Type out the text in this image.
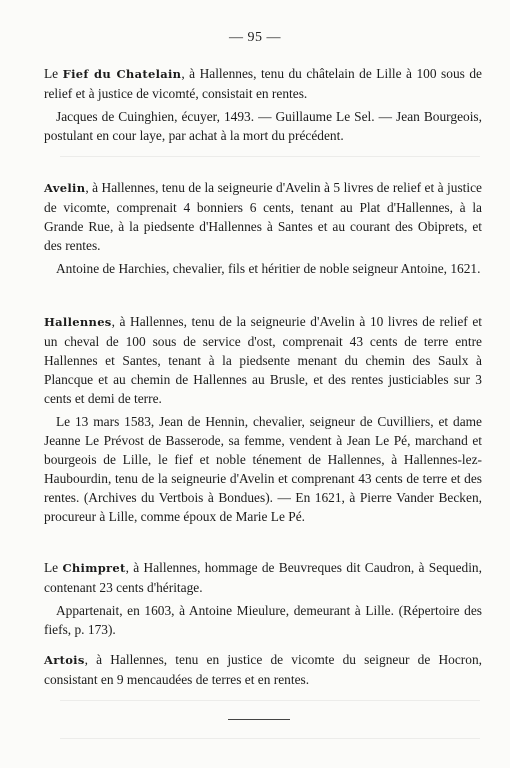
— 95 —

Le Fief du Chatelain, à Hallennes, tenu du châtelain de Lille à 100 sous de relief et à justice de vicomté, consistait en rentes.

Jacques de Cuinghien, écuyer, 1493. — Guillaume Le Sel. — Jean Bourgeois, postulant en cour laye, par achat à la mort du précédent.

Avelin, à Hallennes, tenu de la seigneurie d'Avelin à 5 livres de relief et à justice de vicomte, comprenait 4 bonniers 6 cents, tenant au Plat d'Hallennes, à la Grande Rue, à la piedsente d'Hallennes à Santes et au courant des Obiprets, et des rentes.

Antoine de Harchies, chevalier, fils et héritier de noble seigneur Antoine, 1621.

Hallennes, à Hallennes, tenu de la seigneurie d'Avelin à 10 livres de relief et un cheval de 100 sous de service d'ost, comprenait 43 cents de terre entre Hallennes et Santes, tenant à la piedsente menant du chemin des Saulx à Plancque et au chemin de Hallennes au Brusle, et des rentes justiciables sur 3 cents et demi de terre.

Le 13 mars 1583, Jean de Hennin, chevalier, seigneur de Cuvilliers, et dame Jeanne Le Prévost de Basserode, sa femme, vendent à Jean Le Pé, marchand et bourgeois de Lille, le fief et noble ténement de Hallennes, à Hallennes-lez-Haubourdin, tenu de la seigneurie d'Avelin et comprenant 43 cents de terre et des rentes. (Archives du Vertbois à Bondues). — En 1621, à Pierre Vander Becken, procureur à Lille, comme époux de Marie Le Pé.

Le Chimpret, à Hallennes, hommage de Beuvreques dit Caudron, à Sequedin, contenant 23 cents d'héritage.

Appartenait, en 1603, à Antoine Mieulure, demeurant à Lille. (Répertoire des fiefs, p. 173).

Artois, à Hallennes, tenu en justice de vicomte du seigneur de Hocron, consistant en 9 mencaudées de terres et en rentes.
